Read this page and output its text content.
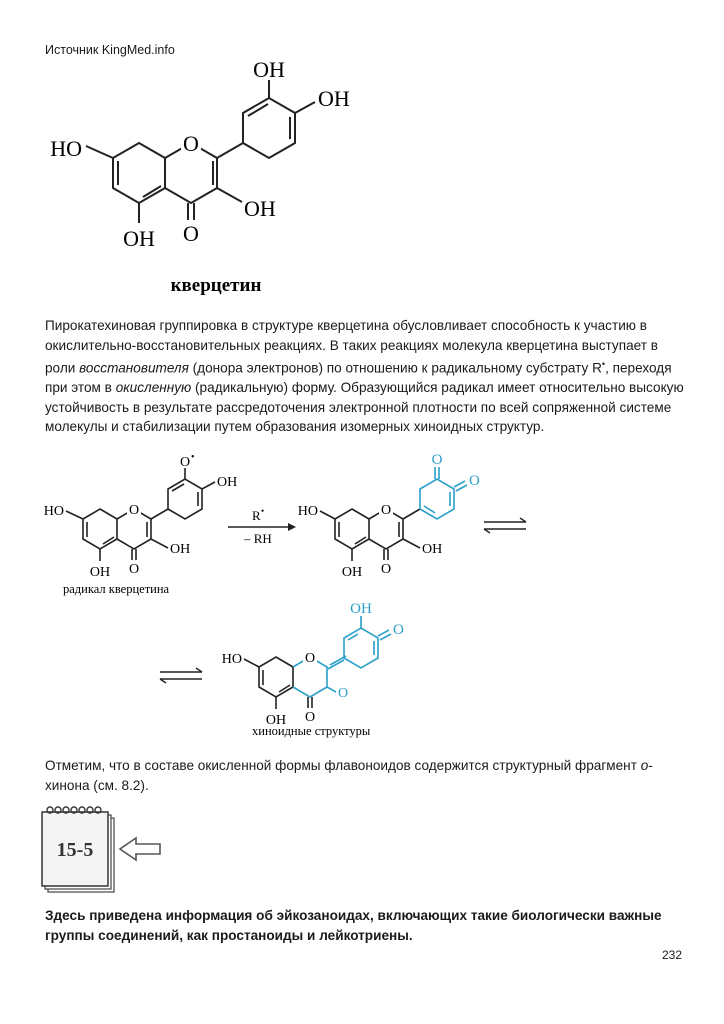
Источник KingMed.info
O
HO
OH O
OH
OH
OH
кверцетин
Пирокатехиновая группировка в структуре кверцетина обусловливает способность к участию в окислительно-восстановительных реакциях. В таких реакциях молекула кверцетина выступает в роли восстановителя (донора электронов) по отношению к радикальному субстрату R•, переходя при этом в окисленную (радикальную) форму. Образующийся радикал имеет относительно высокую устойчивость в результате рассредоточения электронной плотности по всей сопряженной системе молекулы и стабилизации путем образования изомерных хиноидных структур.
O
HO
OH O
OH
O •
OH
радикал кверцетина
R •
– RH
O
HO
OH O
OH
O
O
O
HO
OH O
O
OH
O
хиноидные структуры
Отметим, что в составе окисленной формы флавоноидов содержится структурный фрагмент о-хинона (см. 8.2).
15-5
Здесь приведена информация об эйкозаноидах, включающих такие биологически важные группы соединений, как простаноиды и лейкотриены.
232
